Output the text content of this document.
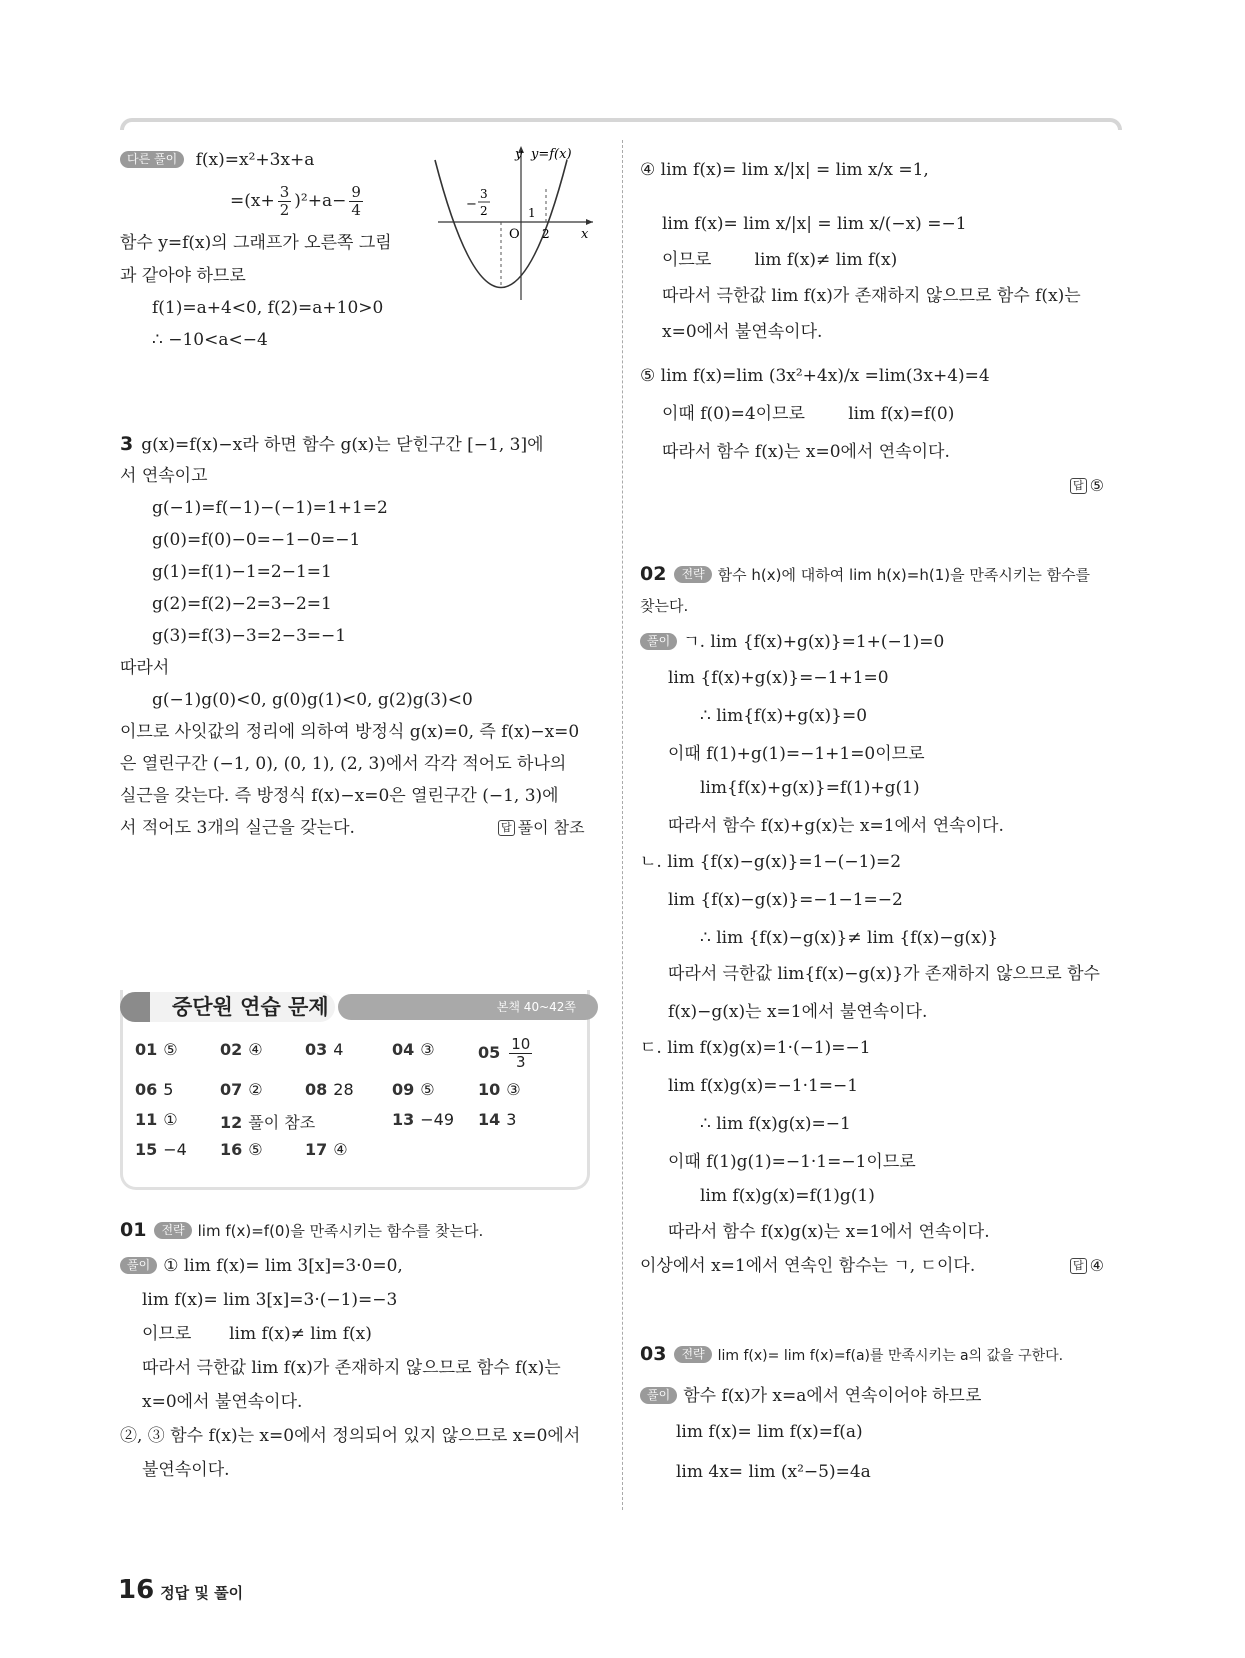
다른 풀이 f(x)=x²+3x+a
$=(x+ \frac{3}{2} )^2+a- \frac{9}{4}$
함수 y=f(x)의 그래프가 오른쪽 그림
과 같아야 하므로
f(1)=a+4<0, f(2)=a+10>0
∴ −10<a<−4
y y=f(x)
x
O
1
2
−
3
2
3 g(x)=f(x)−x라 하면 함수 g(x)는 닫힌구간 [−1, 3]에
서 연속이고
g(−1)=f(−1)−(−1)=1+1=2
g(0)=f(0)−0=−1−0=−1
g(1)=f(1)−1=2−1=1
g(2)=f(2)−2=3−2=1
g(3)=f(3)−3=2−3=−1
따라서
g(−1)g(0)<0, g(0)g(1)<0, g(2)g(3)<0
이므로 사잇값의 정리에 의하여 방정식 g(x)=0, 즉 f(x)−x=0
은 열린구간 (−1, 0), (0, 1), (2, 3)에서 각각 적어도 하나의
실근을 갖는다. 즉 방정식 f(x)−x=0은 열린구간 (−1, 3)에
서 적어도 3개의 실근을 갖는다.	답 풀이 참조
본책 40~42쪽
중단원 연습 문제
01 ⑤	02 ④	03 4	04 ③	$05 \frac{10}{3}$
06 5	07 ②	08 28 09 ⑤	10 ③
11 ①	12 풀이 참조	13 −49 14 3
15 −4 16 ⑤	17 ④
01 전략 lim f(x)=f(0)을 만족시키는 함수를 찾는다.
풀이 ① lim f(x)= lim 3[x]=3·0=0,
lim f(x)= lim 3[x]=3·(−1)=−3
이므로 lim f(x)≠ lim f(x)
따라서 극한값 lim f(x)가 존재하지 않으므로 함수 f(x)는
x=0에서 불연속이다.
②, ③ 함수 f(x)는 x=0에서 정의되어 있지 않으므로 x=0에서
불연속이다.
④ lim f(x)= lim x/|x| = lim x/x =1,
lim f(x)= lim x/|x| = lim x/(−x) =−1
이므로	lim f(x)≠ lim f(x)
따라서 극한값 lim f(x)가 존재하지 않으므로 함수 f(x)는
x=0에서 불연속이다.
⑤ lim f(x)=lim (3x²+4x)/x =lim(3x+4)=4
이때 f(0)=4이므로	lim f(x)=f(0)
따라서 함수 f(x)는 x=0에서 연속이다.
답 ⑤
02 전략 함수 h(x)에 대하여 lim h(x)=h(1)을 만족시키는 함수를
찾는다.
풀이 ㄱ. lim {f(x)+g(x)}=1+(−1)=0
lim {f(x)+g(x)}=−1+1=0
∴ lim{f(x)+g(x)}=0
이때 f(1)+g(1)=−1+1=0이므로
lim{f(x)+g(x)}=f(1)+g(1)
따라서 함수 f(x)+g(x)는 x=1에서 연속이다.
ㄴ. lim {f(x)−g(x)}=1−(−1)=2
lim {f(x)−g(x)}=−1−1=−2
∴ lim {f(x)−g(x)}≠ lim {f(x)−g(x)}
따라서 극한값 lim{f(x)−g(x)}가 존재하지 않으므로 함수
f(x)−g(x)는 x=1에서 불연속이다.
ㄷ. lim f(x)g(x)=1·(−1)=−1
lim f(x)g(x)=−1·1=−1
∴ lim f(x)g(x)=−1
이때 f(1)g(1)=−1·1=−1이므로
lim f(x)g(x)=f(1)g(1)
따라서 함수 f(x)g(x)는 x=1에서 연속이다.
이상에서 x=1에서 연속인 함수는 ㄱ, ㄷ이다.	답 ④
03 전략 lim f(x)= lim f(x)=f(a)를 만족시키는 a의 값을 구한다.
풀이 함수 f(x)가 x=a에서 연속이어야 하므로
lim f(x)= lim f(x)=f(a)
lim 4x= lim (x²−5)=4a
16 정답 및 풀이
